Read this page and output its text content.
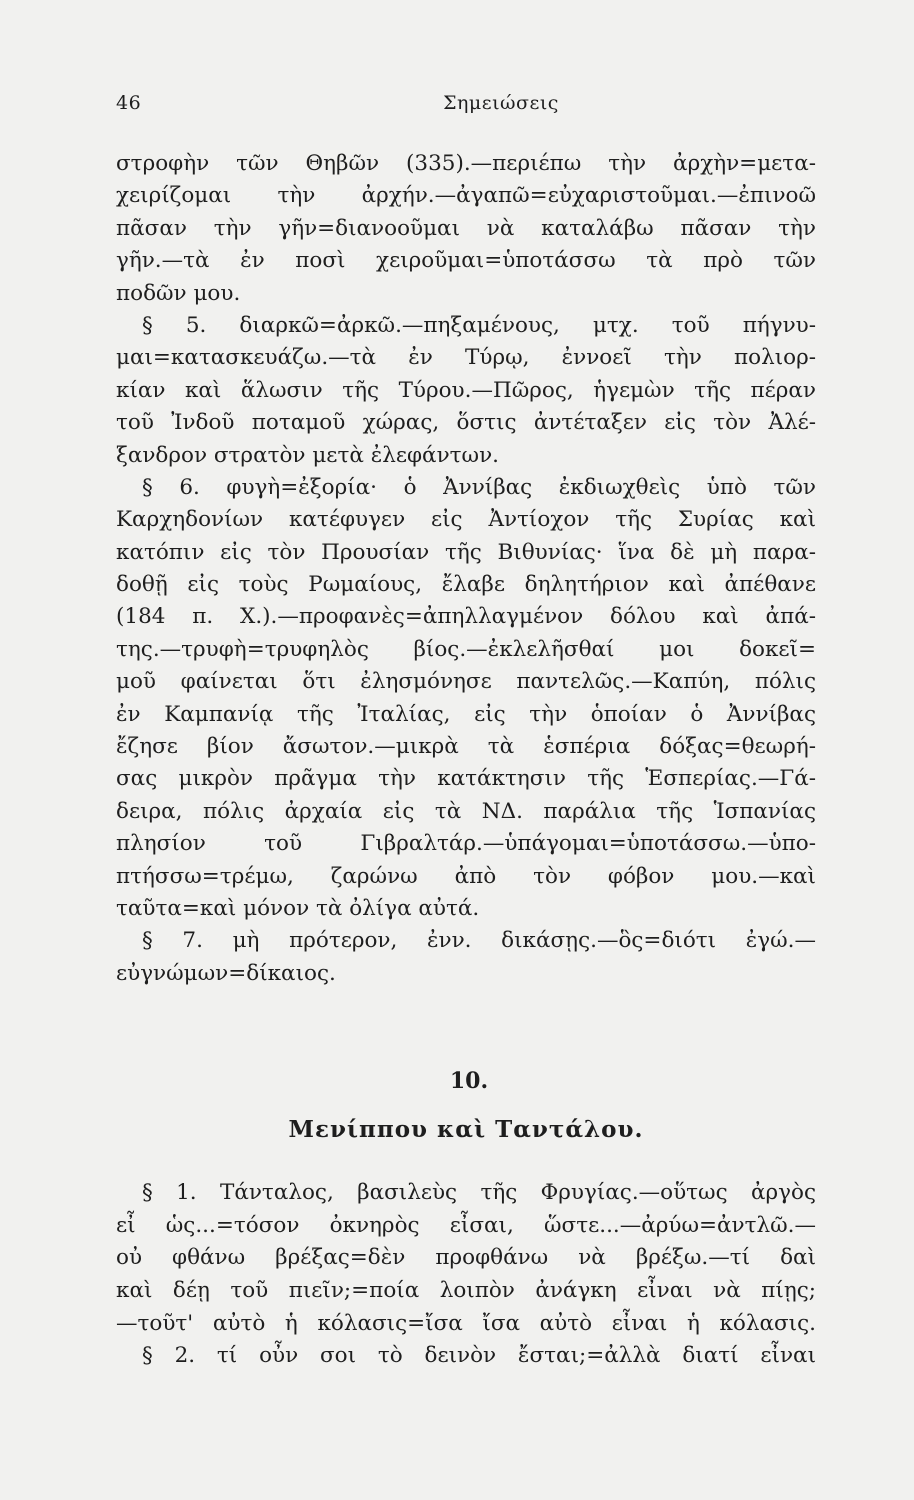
46	Σημειώσεις
στροφὴν τῶν Θηβῶν (335).—περιέπω τὴν ἀρχὴν=μετα-
χειρίζομαι τὴν ἀρχήν.—ἀγαπῶ=εὐχαριστοῦμαι.—ἐπινοῶ
πᾶσαν τὴν γῆν=διανοοῦμαι νὰ καταλάβω πᾶσαν τὴν
γῆν.—τὰ ἐν ποσὶ χειροῦμαι=ὑποτάσσω τὰ πρὸ τῶν
ποδῶν μου.
§ 5. διαρκῶ=ἀρκῶ.—πηξαμένους, μτχ. τοῦ πήγνυ-
μαι=κατασκευάζω.—τὰ ἐν Τύρῳ, ἐννοεῖ τὴν πολιορ-
κίαν καὶ ἅλωσιν τῆς Τύρου.—Πῶρος, ἡγεμὼν τῆς πέραν
τοῦ Ἰνδοῦ ποταμοῦ χώρας, ὅστις ἀντέταξεν εἰς τὸν Ἀλέ-
ξανδρον στρατὸν μετὰ ἐλεφάντων.
§ 6. φυγὴ=ἐξορία· ὁ Ἀννίβας ἐκδιωχθεὶς ὑπὸ τῶν
Καρχηδονίων κατέφυγεν εἰς Ἀντίοχον τῆς Συρίας καὶ
κατόπιν εἰς τὸν Προυσίαν τῆς Βιθυνίας· ἵνα δὲ μὴ παρα-
δοθῇ εἰς τοὺς Ρωμαίους, ἔλαβε δηλητήριον καὶ ἀπέθανε
(184 π. Χ.).—προφανὲς=ἀπηλλαγμένον δόλου καὶ ἀπά-
της.—τρυφὴ=τρυφηλὸς βίος.—ἐκλελῆσθαί μοι δοκεῖ=
μοῦ φαίνεται ὅτι ἐλησμόνησε παντελῶς.—Καπύη, πόλις
ἐν Καμπανίᾳ τῆς Ἰταλίας, εἰς τὴν ὁποίαν ὁ Ἀννίβας
ἔζησε βίον ἄσωτον.—μικρὰ τὰ ἑσπέρια δόξας=θεωρή-
σας μικρὸν πρᾶγμα τὴν κατάκτησιν τῆς Ἑσπερίας.—Γά-
δειρα, πόλις ἀρχαία εἰς τὰ ΝΔ. παράλια τῆς Ἱσπανίας
πλησίον τοῦ Γιβραλτάρ.—ὑπάγομαι=ὑποτάσσω.—ὑπο-
πτήσσω=τρέμω, ζαρώνω ἀπὸ τὸν φόβον μου.—καὶ
ταῦτα=καὶ μόνον τὰ ὀλίγα αὐτά.
§ 7. μὴ πρότερον, ἐνν. δικάσῃς.—ὃς=διότι ἐγώ.—
εὐγνώμων=δίκαιος.
10.
Μενίππου καὶ Ταντάλου.
§ 1. Τάνταλος, βασιλεὺς τῆς Φρυγίας.—οὕτως ἀργὸς
εἶ ὡς...=τόσον ὀκνηρὸς εἶσαι, ὥστε...—ἀρύω=ἀντλῶ.—
οὐ φθάνω βρέξας=δὲν προφθάνω νὰ βρέξω.—τί δαὶ
καὶ δέῃ τοῦ πιεῖν;=ποία λοιπὸν ἀνάγκη εἶναι νὰ πίῃς;
—τοῦτ' αὐτὸ ἡ κόλασις=ἴσα ἴσα αὐτὸ εἶναι ἡ κόλασις.
§ 2. τί οὖν σοι τὸ δεινὸν ἔσται;=ἀλλὰ διατί εἶναι
